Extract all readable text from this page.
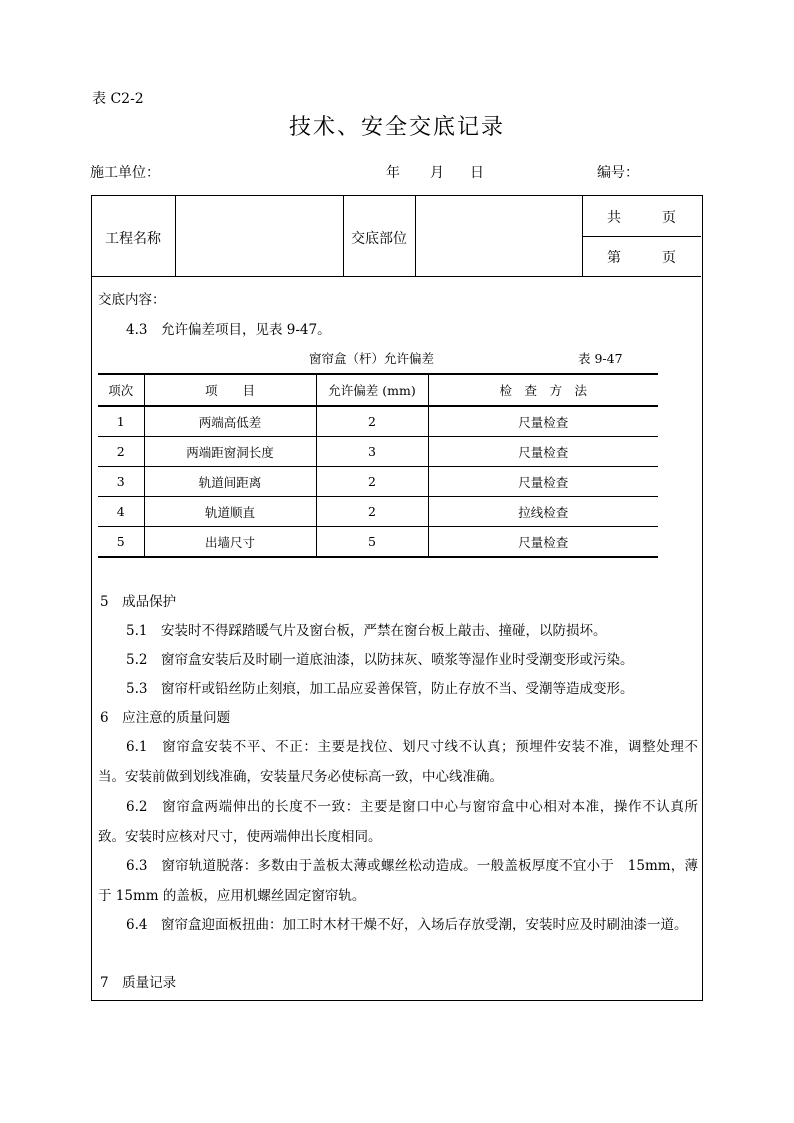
表 C2-2
技术、安全交底记录
施工单位：	年 月 日	编号：
工程名称	交底部位
共	页
第	页
交底内容：
4.3　允许偏差项目，见表 9-47。
窗帘盒（杆）允许偏差	表 9-47
项次	项　　目	允许偏差 (mm)	检　查　方　法
1	两端高低差	2	尺量检查
2	两端距窗洞长度	3	尺量检查
3	轨道间距离	2	尺量检查
4	轨道顺直	2	拉线检查
5	出墙尺寸	5	尺量检查
5　成品保护
5.1　安装时不得踩踏暖气片及窗台板，严禁在窗台板上敲击、撞碰，以防损坏。
5.2　窗帘盒安装后及时刷一道底油漆，以防抹灰、喷浆等湿作业时受潮变形或污染。
5.3　窗帘杆或铅丝防止刻痕，加工品应妥善保管，防止存放不当、受潮等造成变形。
6　应注意的质量问题
6.1　窗帘盒安装不平、不正：主要是找位、划尺寸线不认真；预埋件安装不准，调整处理不当。安装前做到划线准确，安装量尺务必使标高一致，中心线准确。
6.2　窗帘盒两端伸出的长度不一致：主要是窗口中心与窗帘盒中心相对本准，操作不认真所致。安装时应核对尺寸，使两端伸出长度相同。
6.3　窗帘轨道脱落：多数由于盖板太薄或螺丝松动造成。一般盖板厚度不宜小于　15mm，薄于 15mm 的盖板，应用机螺丝固定窗帘轨。
6.4　窗帘盒迎面板扭曲：加工时木材干燥不好，入场后存放受潮，安装时应及时刷油漆一道。
7　质量记录
